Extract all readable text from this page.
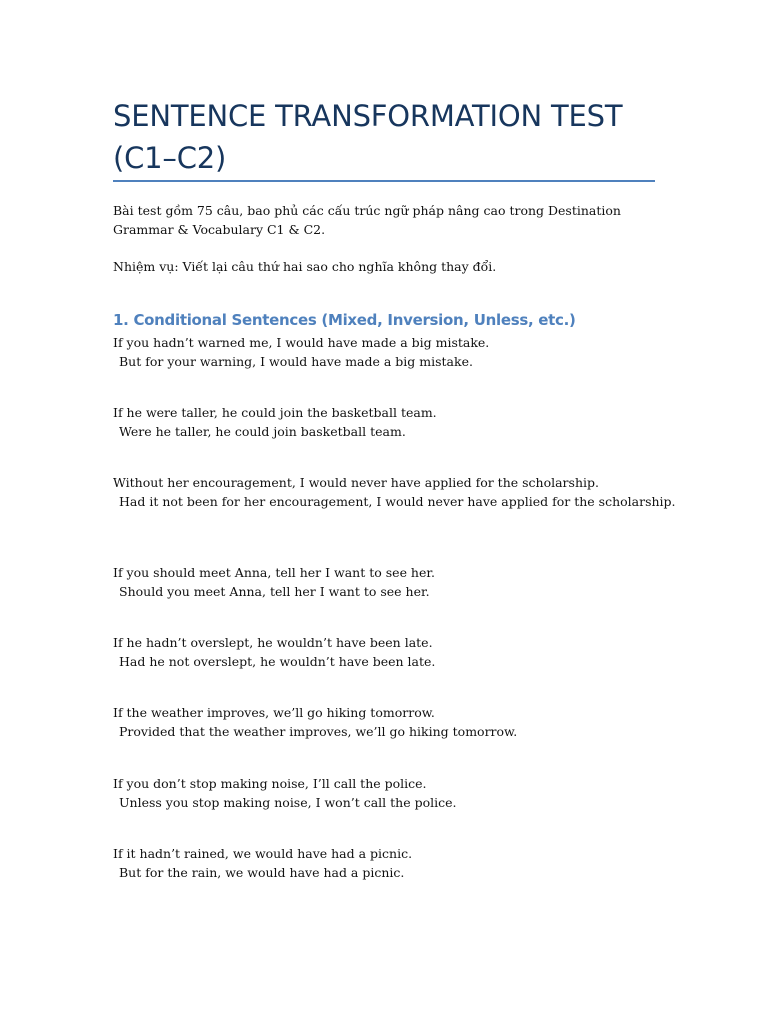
SENTENCE TRANSFORMATION TEST
(C1–C2)

Bài test gồm 75 câu, bao phủ các cấu trúc ngữ pháp nâng cao trong Destination Grammar & Vocabulary C1 & C2.

Nhiệm vụ: Viết lại câu thứ hai sao cho nghĩa không thay đổi.

1. Conditional Sentences (Mixed, Inversion, Unless, etc.)
If you hadn’t warned me, I would have made a big mistake.
But for your warning, I would have made a big mistake.
If he were taller, he could join the basketball team.
Were he taller, he could join basketball team.
Without her encouragement, I would never have applied for the scholarship.
Had it not been for her encouragement, I would never have applied for the scholarship.
If you should meet Anna, tell her I want to see her.
Should you meet Anna, tell her I want to see her.
If he hadn’t overslept, he wouldn’t have been late.
Had he not overslept, he wouldn’t have been late.
If the weather improves, we’ll go hiking tomorrow.
Provided that the weather improves, we’ll go hiking tomorrow.
If you don’t stop making noise, I’ll call the police.
Unless you stop making noise, I won’t call the police.
If it hadn’t rained, we would have had a picnic.
But for the rain, we would have had a picnic.
